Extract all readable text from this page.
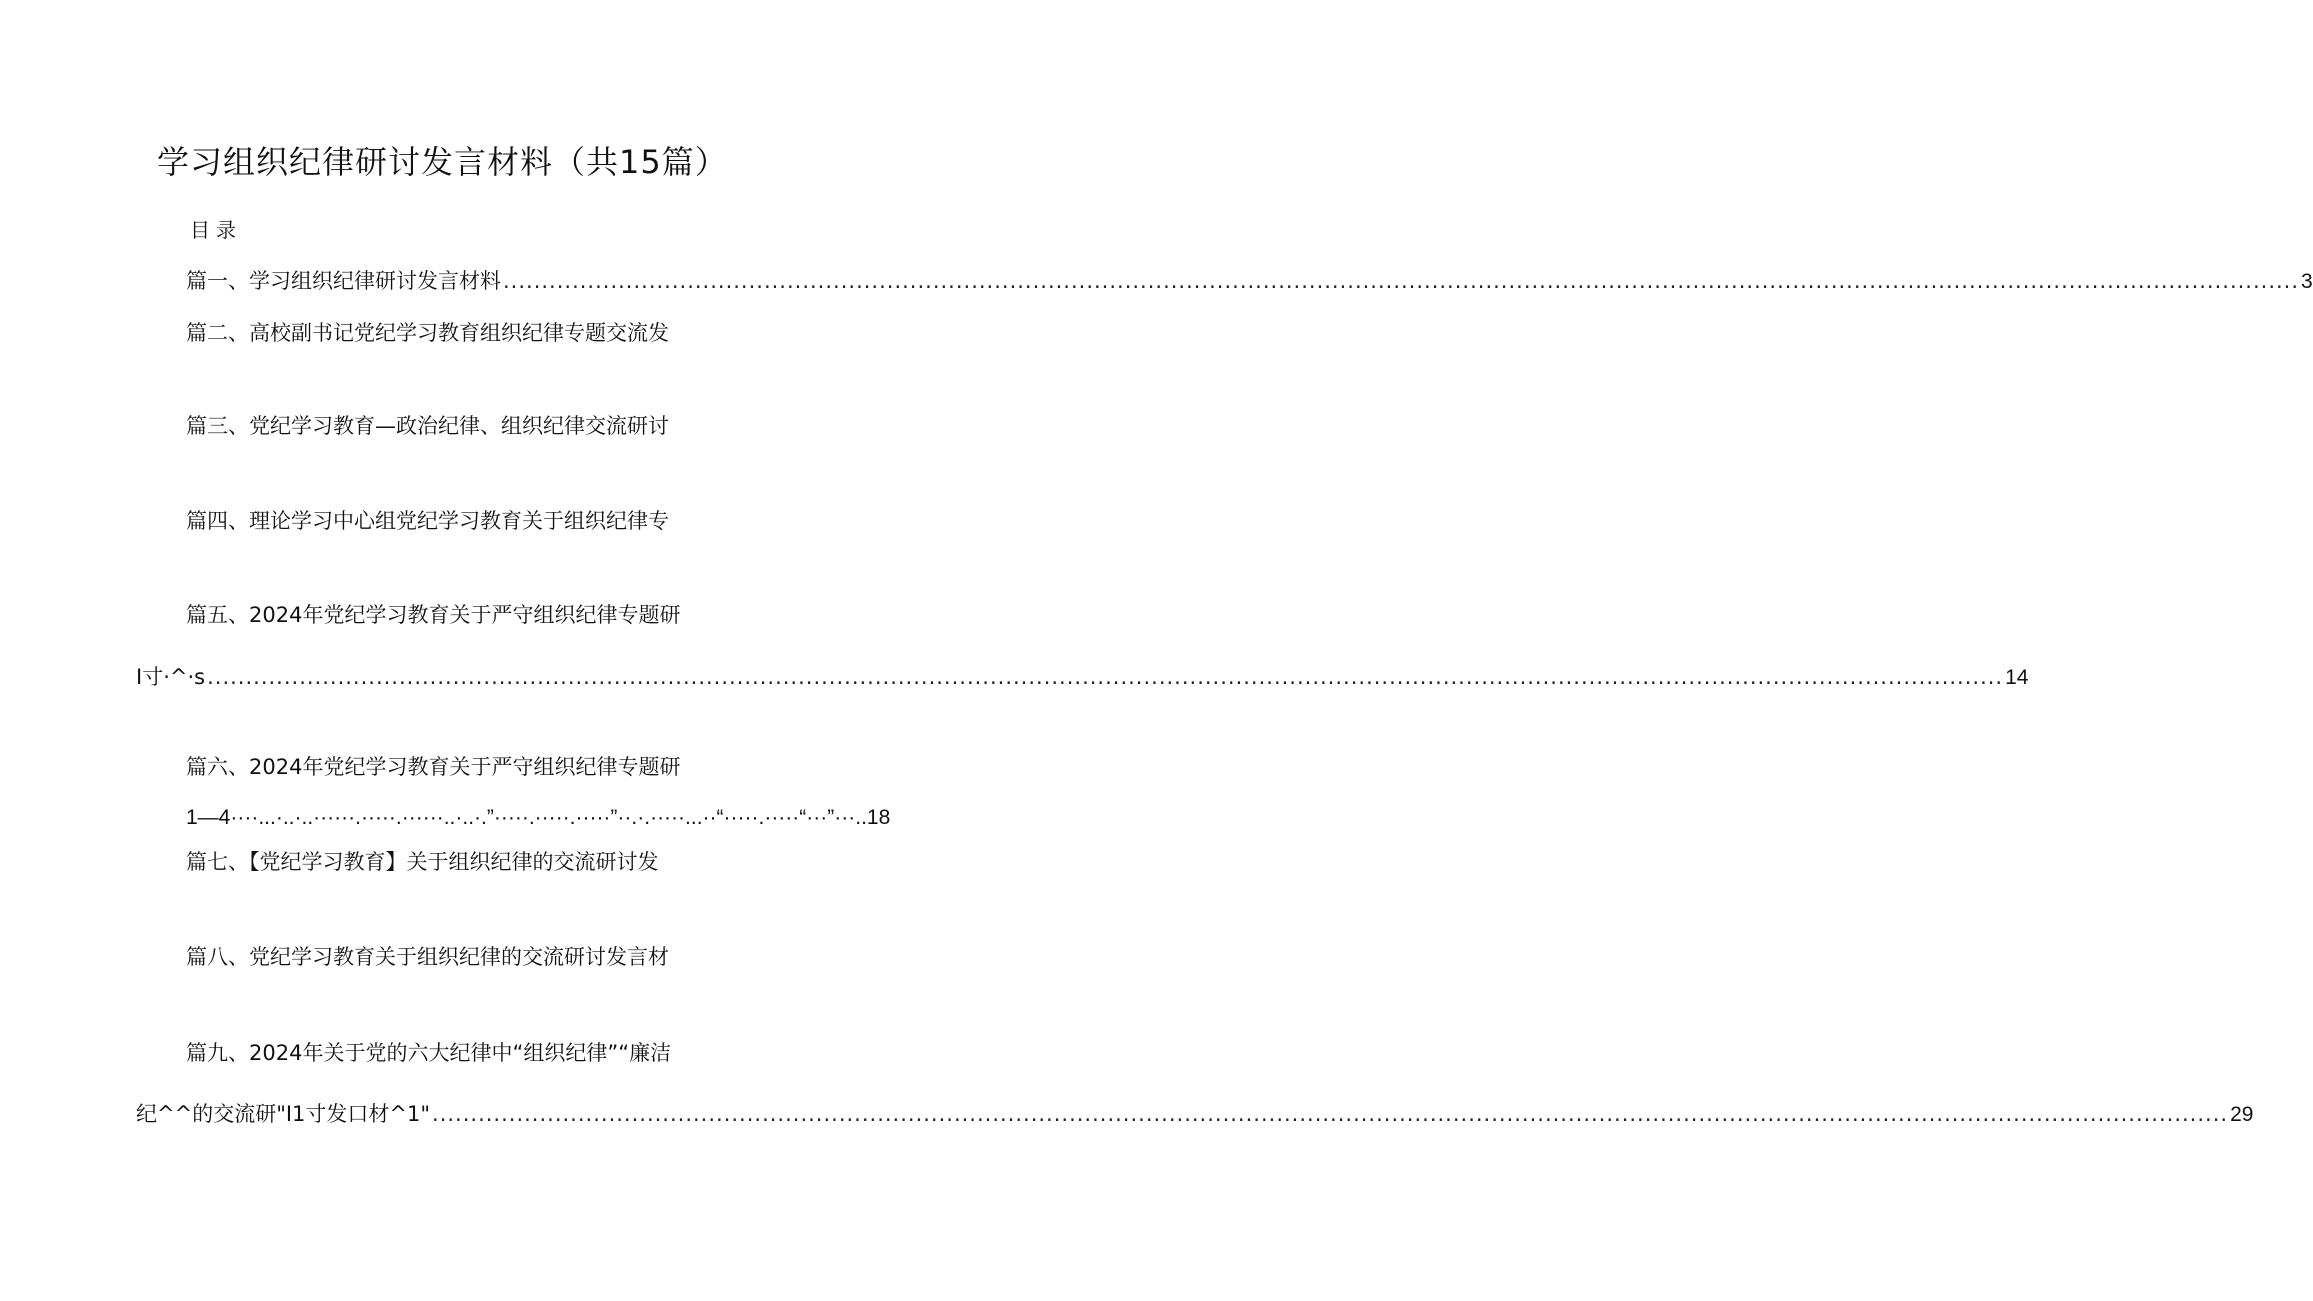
学习组织纪律研讨发言材料（共15篇）
目录
篇一、学习组织纪律研讨发言材料 .....	3
篇二、高校副书记党纪学习教育组织纪律专题交流发
篇三、党纪学习教育—政治纪律、组织纪律交流研讨
篇四、理论学习中心组党纪学习教育关于组织纪律专
篇五、2024年党纪学习教育关于严守组织纪律专题研
I寸·^·s .....	14
篇六、2024年党纪学习教育关于严守组织纪律专题研
1—4····...·..·..······.·····.······..·..·.”·····.·····.·····”··.·.·····...··“·····.·····“···”···..18
篇七、【党纪学习教育】关于组织纪律的交流研讨发
篇八、党纪学习教育关于组织纪律的交流研讨发言材
篇九、2024年关于党的六大纪律中“组织纪律”“廉洁
纪^^的交流研"I1寸发口材^1" .....	29
